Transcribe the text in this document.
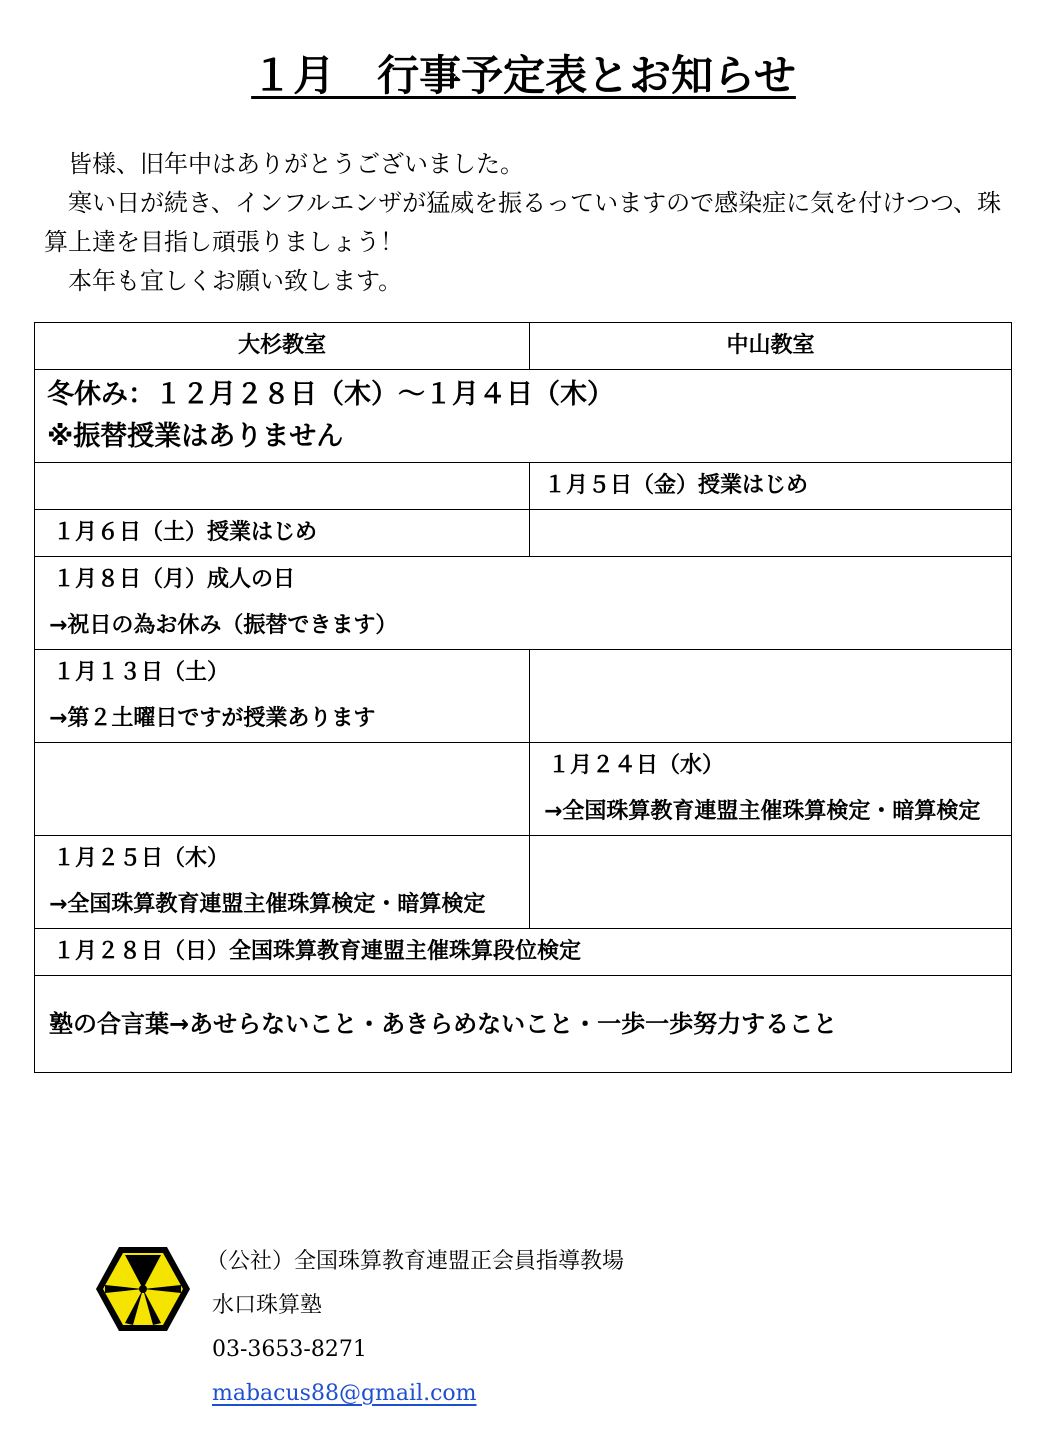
１月　行事予定表とお知らせ

皆様、旧年中はありがとうございました。

寒い日が続き、インフルエンザが猛威を振るっていますので感染症に気を付けつつ、珠算上達を目指し頑張りましょう！

本年も宜しくお願い致します。

大杉教室	中山教室

冬休み：１２月２８日（木）～１月４日（木）
※振替授業はありません	

	１月５日（金）授業はじめ
１月６日（土）授業はじめ	

１月８日（月）成人の日
→祝日の為お休み（振替できます）	

１月１３日（土）
→第２土曜日ですが授業あります	

	１月２４日（水）
→全国珠算教育連盟主催珠算検定・暗算検定

１月２５日（木）
→全国珠算教育連盟主催珠算検定・暗算検定	

１月２８日（日）全国珠算教育連盟主催珠算段位検定	
塾の合言葉→あせらないこと・あきらめないこと・一歩一歩努力すること	
（公社）全国珠算教育連盟正会員指導教場
水口珠算塾
03-3653-8271
mabacus88@gmail.com
